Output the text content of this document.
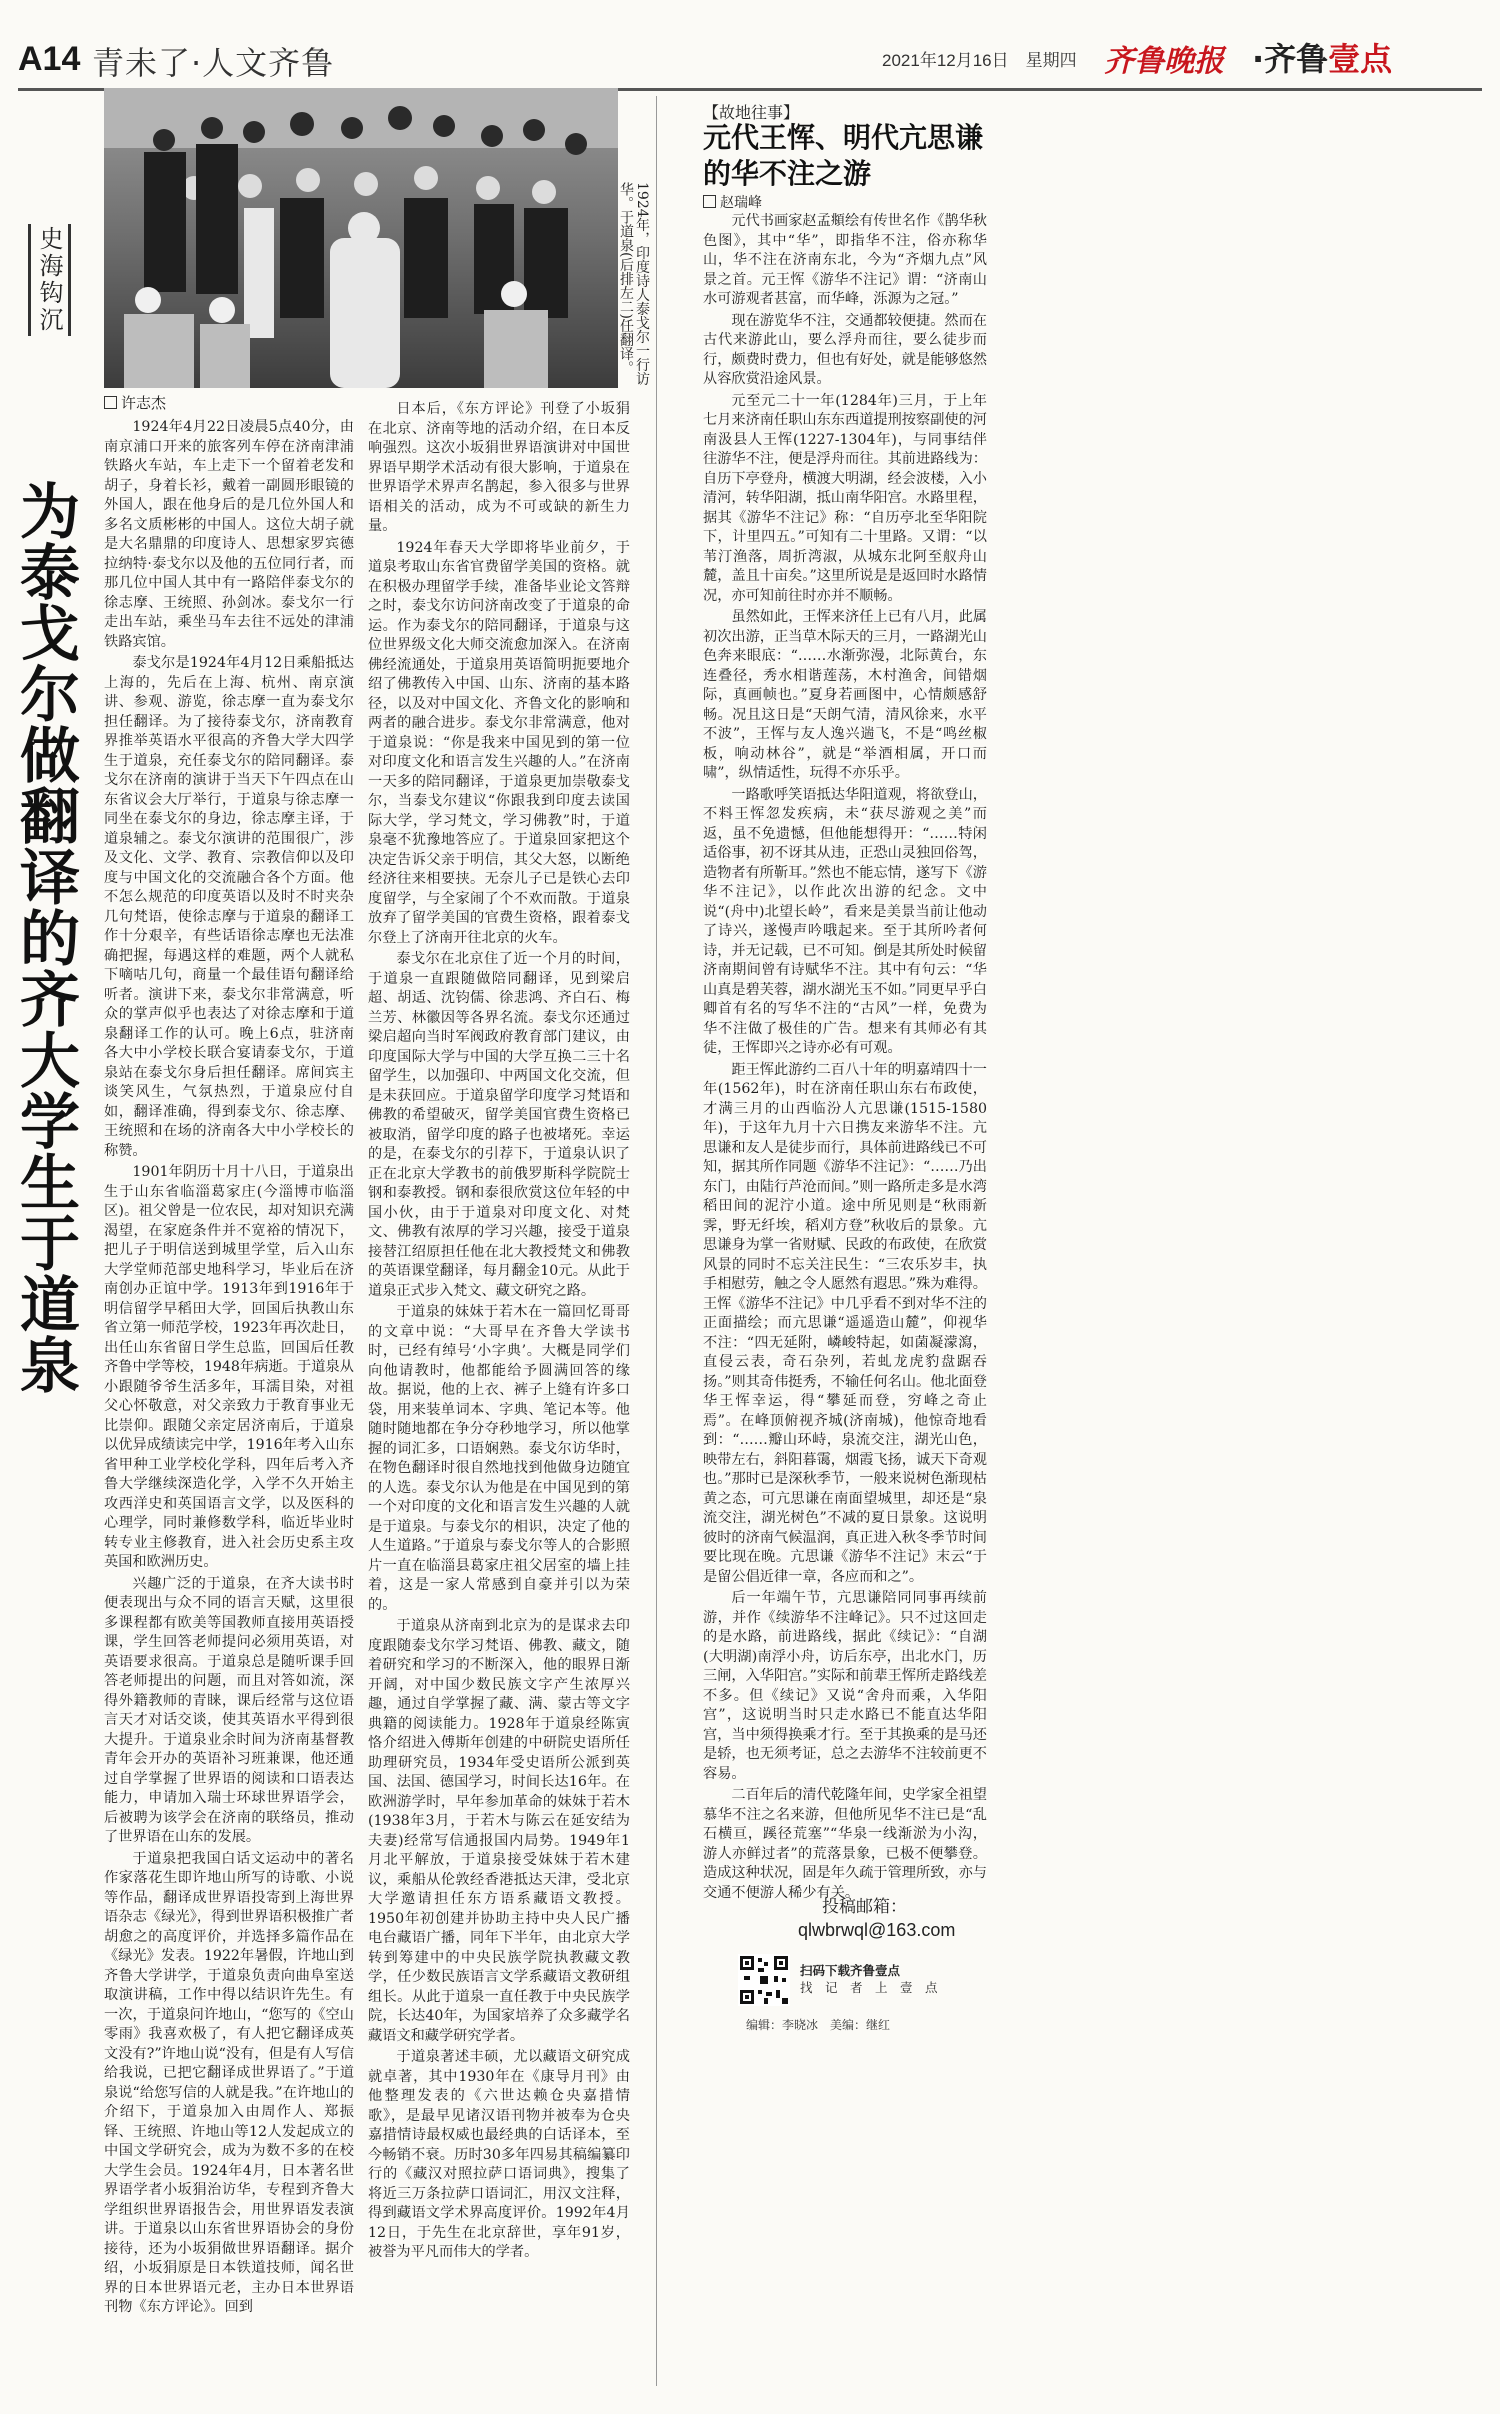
A14 青未了·人文齐鲁	2021年12月16日　星期四 齐鲁晚报 ·齐鲁壹点
史海钩沉
为泰戈尔做翻译的齐大学生于道泉
1924年，印度诗人泰戈尔一行访华。于道泉(后排左二)任翻译。
许志杰

1924年4月22日凌晨5点40分，由南京浦口开来的旅客列车停在济南津浦铁路火车站，车上走下一个留着老发和胡子，身着长衫，戴着一副圆形眼镜的外国人，跟在他身后的是几位外国人和多名文质彬彬的中国人。这位大胡子就是大名鼎鼎的印度诗人、思想家罗宾德拉纳特·泰戈尔以及他的五位同行者，而那几位中国人其中有一路陪伴泰戈尔的徐志摩、王统照、孙剑冰。泰戈尔一行走出车站，乘坐马车去往不远处的津浦铁路宾馆。

泰戈尔是1924年4月12日乘船抵达上海的，先后在上海、杭州、南京演讲、参观、游览，徐志摩一直为泰戈尔担任翻译。为了接待泰戈尔，济南教育界推举英语水平很高的齐鲁大学大四学生于道泉，充任泰戈尔的陪同翻译。泰戈尔在济南的演讲于当天下午四点在山东省议会大厅举行，于道泉与徐志摩一同坐在泰戈尔的身边，徐志摩主译，于道泉辅之。泰戈尔演讲的范围很广，涉及文化、文学、教育、宗教信仰以及印度与中国文化的交流融合各个方面。他不怎么规范的印度英语以及时不时夹杂几句梵语，使徐志摩与于道泉的翻译工作十分艰辛，有些话语徐志摩也无法准确把握，每遇这样的难题，两个人就私下嘀咕几句，商量一个最佳语句翻译给听者。演讲下来，泰戈尔非常满意，听众的掌声似乎也表达了对徐志摩和于道泉翻译工作的认可。晚上6点，驻济南各大中小学校长联合宴请泰戈尔，于道泉站在泰戈尔身后担任翻译。席间宾主谈笑风生，气氛热烈，于道泉应付自如，翻译准确，得到泰戈尔、徐志摩、王统照和在场的济南各大中小学校长的称赞。

1901年阴历十月十八日，于道泉出生于山东省临淄葛家庄(今淄博市临淄区)。祖父曾是一位农民，却对知识充满渴望，在家庭条件并不宽裕的情况下，把儿子于明信送到城里学堂，后入山东大学堂师范部史地科学习，毕业后在济南创办正谊中学。1913年到1916年于明信留学早稻田大学，回国后执教山东省立第一师范学校，1923年再次赴日，出任山东省留日学生总监，回国后任教齐鲁中学等校，1948年病逝。于道泉从小跟随爷爷生活多年，耳濡目染，对祖父心怀敬意，对父亲致力于教育事业无比崇仰。跟随父亲定居济南后，于道泉以优异成绩读完中学，1916年考入山东省甲种工业学校化学科，四年后考入齐鲁大学继续深造化学，入学不久开始主攻西洋史和英国语言文学，以及医科的心理学，同时兼修数学科，临近毕业时转专业主修教育，进入社会历史系主攻英国和欧洲历史。

兴趣广泛的于道泉，在齐大读书时便表现出与众不同的语言天赋，这里很多课程都有欧美等国教师直接用英语授课，学生回答老师提问必须用英语，对英语要求很高。于道泉总是随听课手回答老师提出的问题，而且对答如流，深得外籍教师的青睐，课后经常与这位语言天才对话交谈，使其英语水平得到很大提升。于道泉业余时间为济南基督教青年会开办的英语补习班兼课，他还通过自学掌握了世界语的阅读和口语表达能力，申请加入瑞士环球世界语学会，后被聘为该学会在济南的联络员，推动了世界语在山东的发展。

于道泉把我国白话文运动中的著名作家落花生即许地山所写的诗歌、小说等作品，翻译成世界语投寄到上海世界语杂志《绿光》，得到世界语积极推广者胡愈之的高度评价，并选择多篇作品在《绿光》发表。1922年暑假，许地山到齐鲁大学讲学，于道泉负责向曲阜室送取演讲稿，工作中得以结识许先生。有一次，于道泉问许地山，“您写的《空山零雨》我喜欢极了，有人把它翻译成英文没有?”许地山说“没有，但是有人写信给我说，已把它翻译成世界语了。”于道泉说“给您写信的人就是我。”在许地山的介绍下，于道泉加入由周作人、郑振铎、王统照、许地山等12人发起成立的中国文学研究会，成为为数不多的在校大学生会员。1924年4月，日本著名世界语学者小坂狷治访华，专程到齐鲁大学组织世界语报告会，用世界语发表演讲。于道泉以山东省世界语协会的身份接待，还为小坂狷做世界语翻译。据介绍，小坂狷原是日本铁道技师，闻名世界的日本世界语元老，主办日本世界语刊物《东方评论》。回到

日本后，《东方评论》刊登了小坂狷在北京、济南等地的活动介绍，在日本反响强烈。这次小坂狷世界语演讲对中国世界语早期学术活动有很大影响，于道泉在世界语学术界声名鹊起，参入很多与世界语相关的活动，成为不可或缺的新生力量。

1924年春天大学即将毕业前夕，于道泉考取山东省官费留学美国的资格。就在积极办理留学手续，准备毕业论文答辩之时，泰戈尔访问济南改变了于道泉的命运。作为泰戈尔的陪同翻译，于道泉与这位世界级文化大师交流愈加深入。在济南佛经流通处，于道泉用英语简明扼要地介绍了佛教传入中国、山东、济南的基本路径，以及对中国文化、齐鲁文化的影响和两者的融合进步。泰戈尔非常满意，他对于道泉说：“你是我来中国见到的第一位对印度文化和语言发生兴趣的人。”在济南一天多的陪同翻译，于道泉更加崇敬泰戈尔，当泰戈尔建议“你跟我到印度去读国际大学，学习梵文，学习佛教”时，于道泉毫不犹豫地答应了。于道泉回家把这个决定告诉父亲于明信，其父大怒，以断绝经济往来相要挟。无奈儿子已是铁心去印度留学，与全家闹了个不欢而散。于道泉放弃了留学美国的官费生资格，跟着泰戈尔登上了济南开往北京的火车。

泰戈尔在北京住了近一个月的时间，于道泉一直跟随做陪同翻译，见到梁启超、胡适、沈钧儒、徐悲鸿、齐白石、梅兰芳、林徽因等各界名流。泰戈尔还通过梁启超向当时军阀政府教育部门建议，由印度国际大学与中国的大学互换二三十名留学生，以加强印、中两国文化交流，但是未获回应。于道泉留学印度学习梵语和佛教的希望破灭，留学美国官费生资格已被取消，留学印度的路子也被堵死。幸运的是，在泰戈尔的引荐下，于道泉认识了正在北京大学教书的前俄罗斯科学院院士钢和泰教授。钢和泰很欣赏这位年轻的中国小伙，由于于道泉对印度文化、对梵文、佛教有浓厚的学习兴趣，接受于道泉接替江绍原担任他在北大教授梵文和佛教的英语课堂翻译，每月翻金10元。从此于道泉正式步入梵文、藏文研究之路。

于道泉的妹妹于若木在一篇回忆哥哥的文章中说：“大哥早在齐鲁大学读书时，已经有绰号‘小字典’。大概是同学们向他请教时，他都能给予圆满回答的缘故。据说，他的上衣、裤子上缝有许多口袋，用来装单词本、字典、笔记本等。他随时随地都在争分夺秒地学习，所以他掌握的词汇多，口语娴熟。泰戈尔访华时，在物色翻译时很自然地找到他做身边随宜的人选。泰戈尔认为他是在中国见到的第一个对印度的文化和语言发生兴趣的人就是于道泉。与泰戈尔的相识，决定了他的人生道路。”于道泉与泰戈尔等人的合影照片一直在临淄县葛家庄祖父居室的墙上挂着，这是一家人常感到自豪并引以为荣的。

于道泉从济南到北京为的是谋求去印度跟随泰戈尔学习梵语、佛教、藏文，随着研究和学习的不断深入，他的眼界日渐开阔，对中国少数民族文字产生浓厚兴趣，通过自学掌握了藏、满、蒙古等文字典籍的阅读能力。1928年于道泉经陈寅恪介绍进入傅斯年创建的中研院史语所任助理研究员，1934年受史语所公派到英国、法国、德国学习，时间长达16年。在欧洲游学时，早年参加革命的妹妹于若木(1938年3月，于若木与陈云在延安结为夫妻)经常写信通报国内局势。1949年1月北平解放，于道泉接受妹妹于若木建议，乘船从伦敦经香港抵达天津，受北京大学邀请担任东方语系藏语文教授。1950年初创建并协助主持中央人民广播电台藏语广播，同年下半年，由北京大学转到筹建中的中央民族学院执教藏文教学，任少数民族语言文学系藏语文教研组组长。从此于道泉一直任教于中央民族学院，长达40年，为国家培养了众多藏学名藏语文和藏学研究学者。

于道泉著述丰硕，尤以藏语文研究成就卓著，其中1930年在《康导月刊》由他整理发表的《六世达赖仓央嘉措情歌》，是最早见诸汉语刊物并被奉为仓央嘉措情诗最权威也最经典的白话译本，至今畅销不衰。历时30多年四易其稿编纂印行的《藏汉对照拉萨口语词典》，搜集了将近三万条拉萨口语词汇，用汉文注释，得到藏语文学术界高度评价。1992年4月12日，于先生在北京辞世，享年91岁，被誉为平凡而伟大的学者。

【故地往事】
元代王恽、明代亢思谦的华不注之游
赵瑞峰

元代书画家赵孟頫绘有传世名作《鹊华秋色图》，其中“华”，即指华不注，俗亦称华山，华不注在济南东北，今为“齐烟九点”风景之首。元王恽《游华不注记》谓：“济南山水可游观者甚富，而华峰，泺源为之冠。”

现在游览华不注，交通都较便捷。然而在古代来游此山，要么浮舟而往，要么徒步而行，颇费时费力，但也有好处，就是能够悠然从容欣赏沿途风景。

元至元二十一年(1284年)三月，于上年七月来济南任职山东东西道提刑按察副使的河南汲县人王恽(1227-1304年)，与同事结伴往游华不注，便是浮舟而往。其前进路线为：自历下亭登舟，横渡大明湖，经会波楼，入小清河，转华阳湖，抵山南华阳宫。水路里程，据其《游华不注记》称：“自历亭北至华阳院下，计里四五。”可知有二十里路。又谓：“以苇汀渔落，周折湾淑，从城东北阿至舣舟山麓，盖且十亩矣。”这里所说是是返回时水路情况，亦可知前往时亦并不顺畅。

虽然如此，王恽来济任上已有八月，此属初次出游，正当草木际天的三月，一路湖光山色奔来眼底：“……水渐弥漫，北际黄台，东连叠径，秀水相谐莲荡，木村渔舍，间错烟际，真画帧也。”夏身若画图中，心情颇感舒畅。况且这日是“天朗气清，清风徐来，水平不波”，王恽与友人逸兴遄飞，不是“鸣丝椒板，响动林谷”，就是“举酒相属，开口而啸”，纵情适性，玩得不亦乐乎。

一路歌呼笑语抵达华阳道观，将欲登山，不料王恽忽发疾病，未“获尽游观之美”而返，虽不免遗憾，但他能想得开：“……特闲适俗事，初不讶其从违，正恐山灵独回俗驾，造物者有所靳耳。”然也不能忘情，遂写下《游华不注记》，以作此次出游的纪念。文中说“(舟中)北望长岭”，看来是美景当前让他动了诗兴，遂慢声吟哦起来。至于其所吟者何诗，并无记载，已不可知。倒是其所处时候留济南期间曾有诗赋华不注。其中有句云：“华山真是碧芙蓉，湖水湖光玉不如。”同更早乎白卿首有名的写华不注的“古风”一样，免费为华不注做了极佳的广告。想来有其师必有其徒，王恽即兴之诗亦必有可观。

距王恽此游约二百八十年的明嘉靖四十一年(1562年)，时在济南任职山东右布政使，才满三月的山西临汾人亢思谦(1515-1580年)，于这年九月十六日携友来游华不注。亢思谦和友人是徒步而行，具体前进路线已不可知，据其所作同题《游华不注记》：“……乃出东门，由陆行芦沧而间。”则一路所走多是水湾稻田间的泥泞小道。途中所见则是“秋雨新霁，野无纤埃，稻刈方登”秋收后的景象。亢思谦身为掌一省财赋、民政的布政使，在欣赏风景的同时不忘关注民生：“三农乐岁丰，执手相慰劳，触之令人愿然有遐思。”殊为难得。王恽《游华不注记》中几乎看不到对华不注的正面描绘；而亢思谦“遥遥造山麓”，仰视华不注：“四无延附，嶙峻特起，如菌凝濛瀉，直侵云表，奇石杂列，若虬龙虎豹盘踞吞扬。”则其奇伟挺秀，不输任何名山。他北面登华王恽幸运，得“攀延而登，穷峰之奇止焉”。在峰顶俯视齐城(济南城)，他惊奇地看到：“……瓣山环峙，泉流交注，湖光山色，映带左右，斜阳暮霭，烟霞飞扬，诚天下奇观也。”那时已是深秋季节，一般来说树色渐现枯黄之态，可亢思谦在南面望城里，却还是“泉流交注，湖光树色”不减的夏日景象。这说明彼时的济南气候温润，真正进入秋冬季节时间要比现在晚。亢思谦《游华不注记》末云“于是留公倡近律一章，各应而和之”。

后一年端午节，亢思谦陪同同事再续前游，并作《续游华不注峰记》。只不过这回走的是水路，前进路线，据此《续记》：“自湖(大明湖)南浮小舟，访后东亭，出北水门，历三闸，入华阳宫。”实际和前辈王恽所走路线差不多。但《续记》又说“舍舟而乘，入华阳宫”，这说明当时只走水路已不能直达华阳宫，当中须得换乘才行。至于其换乘的是马还是轿，也无须考证，总之去游华不注较前更不容易。

二百年后的清代乾隆年间，史学家全祖望慕华不注之名来游，但他所见华不注已是“乱石横亘，蹊径荒塞”“华泉一线渐淤为小沟，游人亦鲜过者”的荒落景象，已极不便攀登。造成这种状况，固是年久疏于管理所致，亦与交通不便游人稀少有关。

投稿邮箱：
qlwbrwql@163.com
扫码下载齐鲁壹点
找　记　者　上　壹　点
编辑：李晓冰　美编：继红
